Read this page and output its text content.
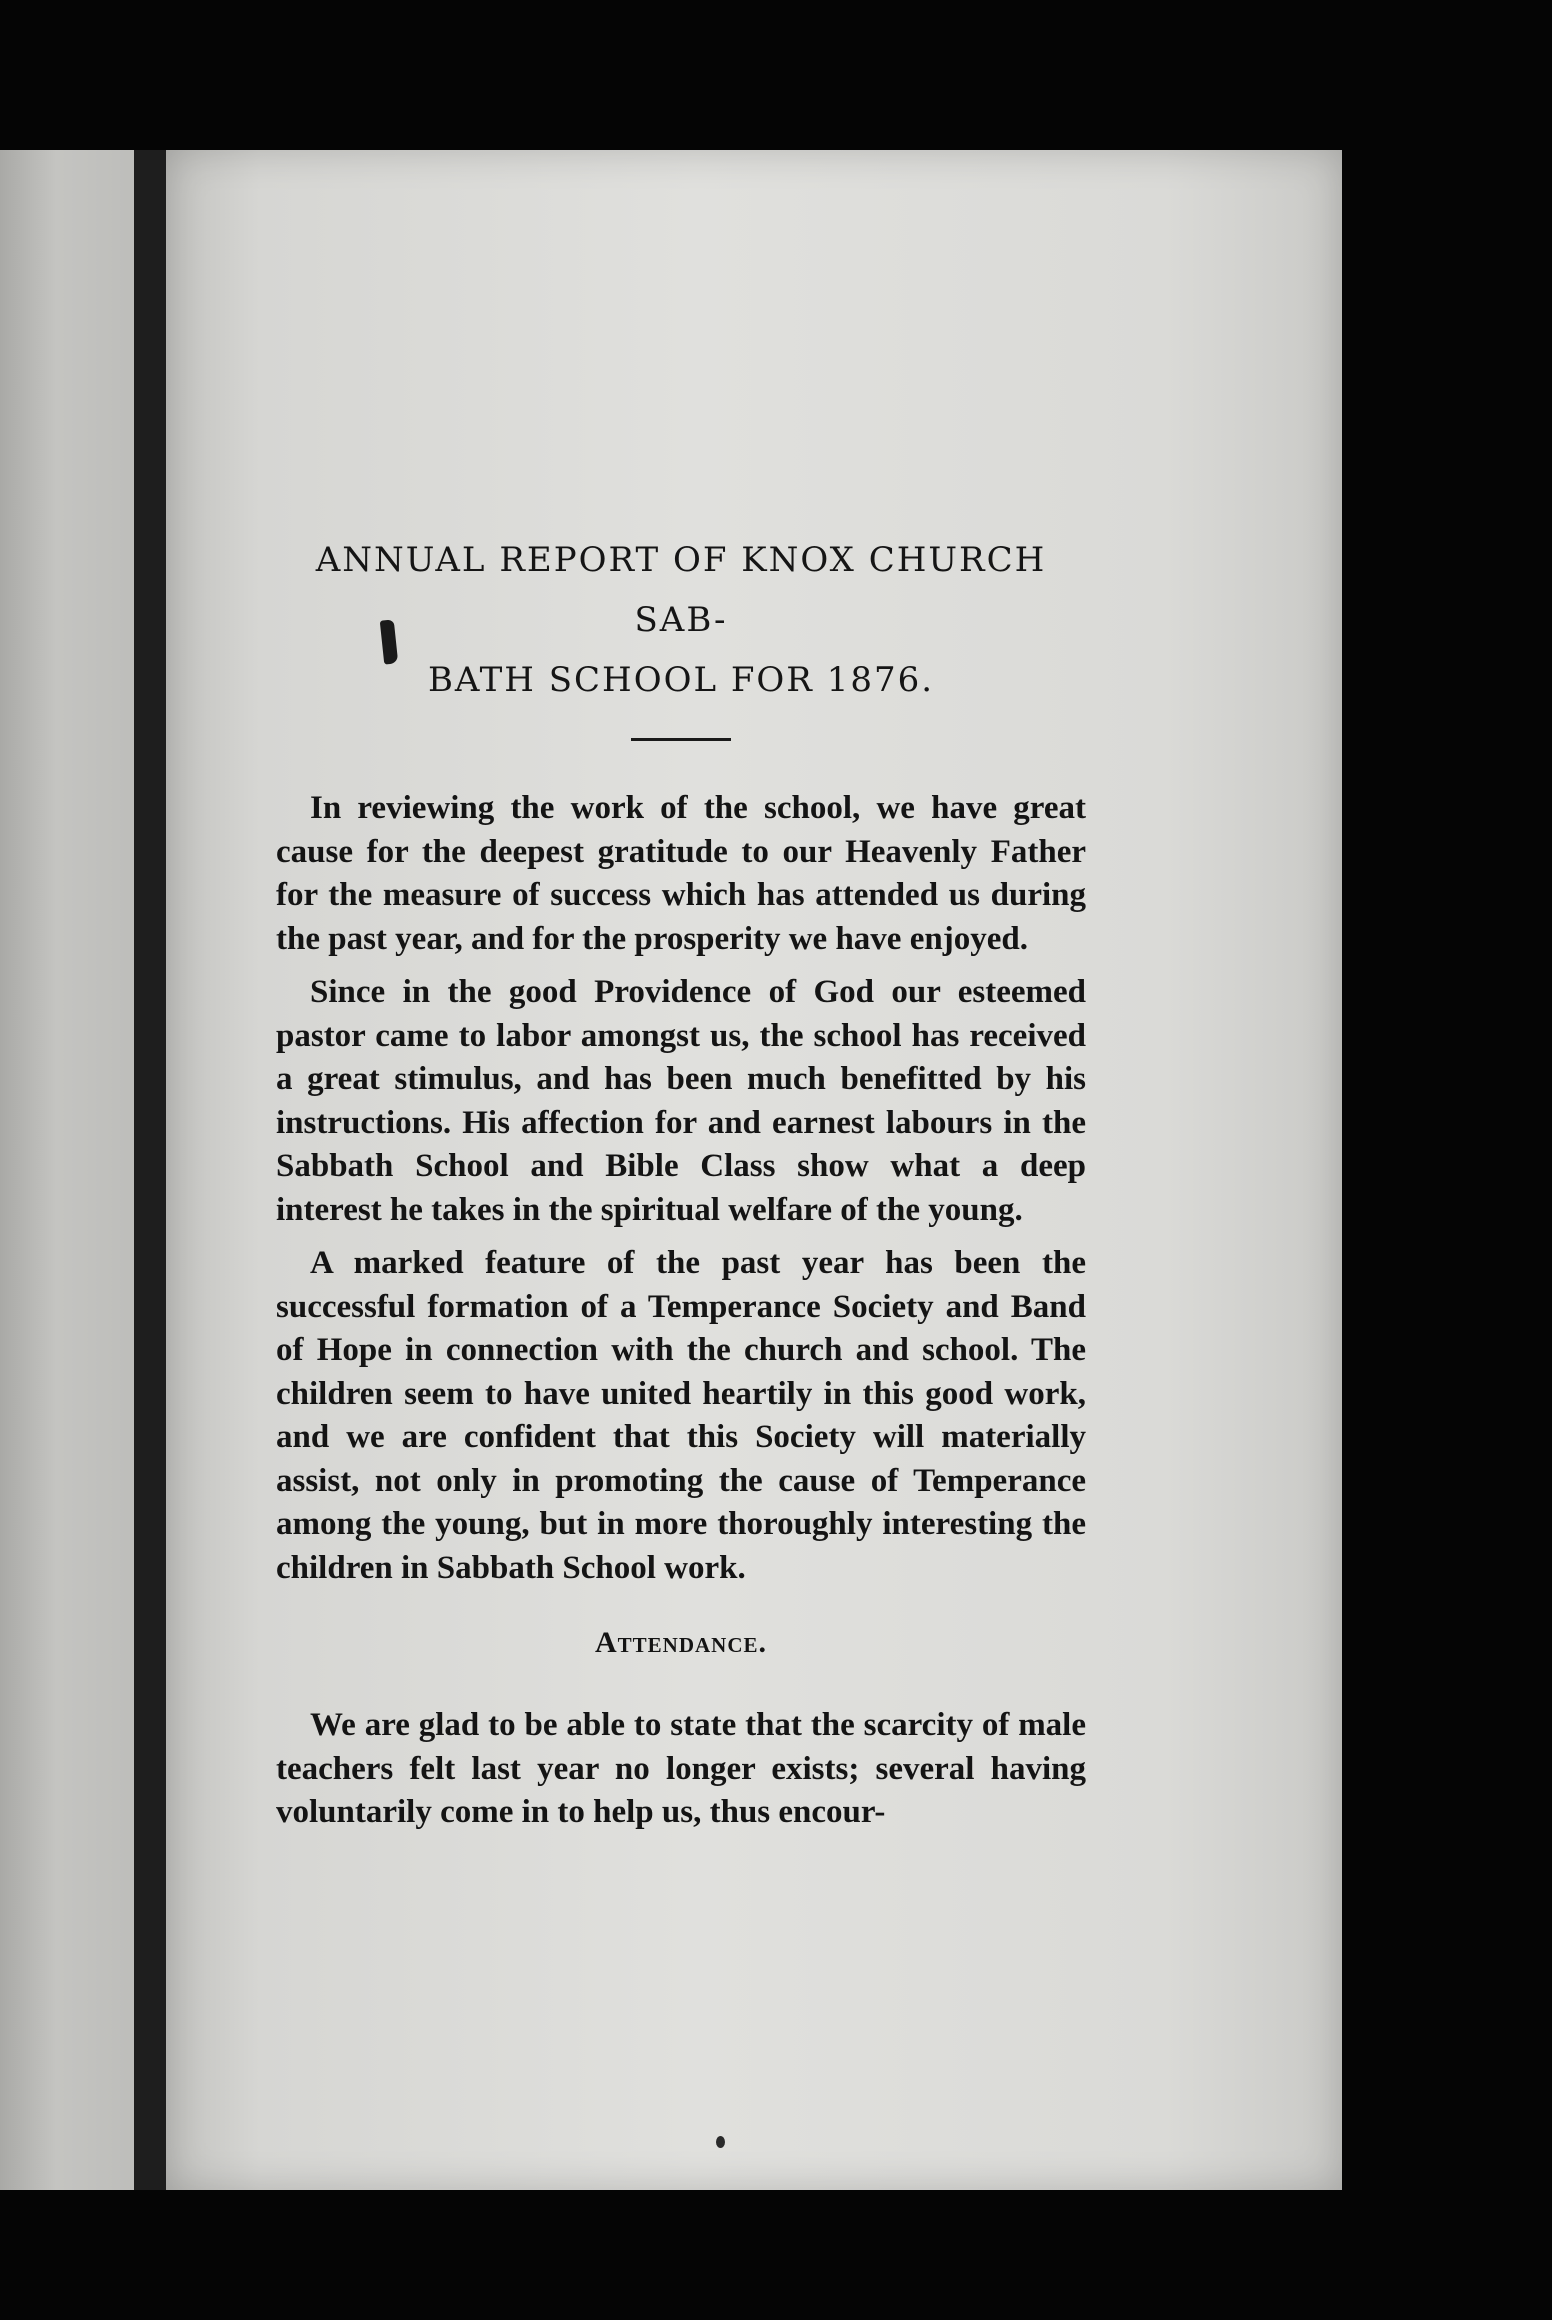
ANNUAL REPORT OF KNOX CHURCH SAB-
BATH SCHOOL FOR 1876.

In reviewing the work of the school, we have great cause for the deepest gratitude to our Heavenly Father for the measure of success which has attended us during the past year, and for the prosperity we have enjoyed.

Since in the good Providence of God our esteemed pastor came to labor amongst us, the school has received a great stimulus, and has been much benefitted by his instructions. His affection for and earnest labours in the Sabbath School and Bible Class show what a deep interest he takes in the spiritual welfare of the young.

A marked feature of the past year has been the successful formation of a Temperance Society and Band of Hope in connection with the church and school. The children seem to have united heartily in this good work, and we are confident that this Society will materially assist, not only in promoting the cause of Temperance among the young, but in more thoroughly interesting the children in Sabbath School work.

Attendance.

We are glad to be able to state that the scarcity of male teachers felt last year no longer exists; several having voluntarily come in to help us, thus encour-
